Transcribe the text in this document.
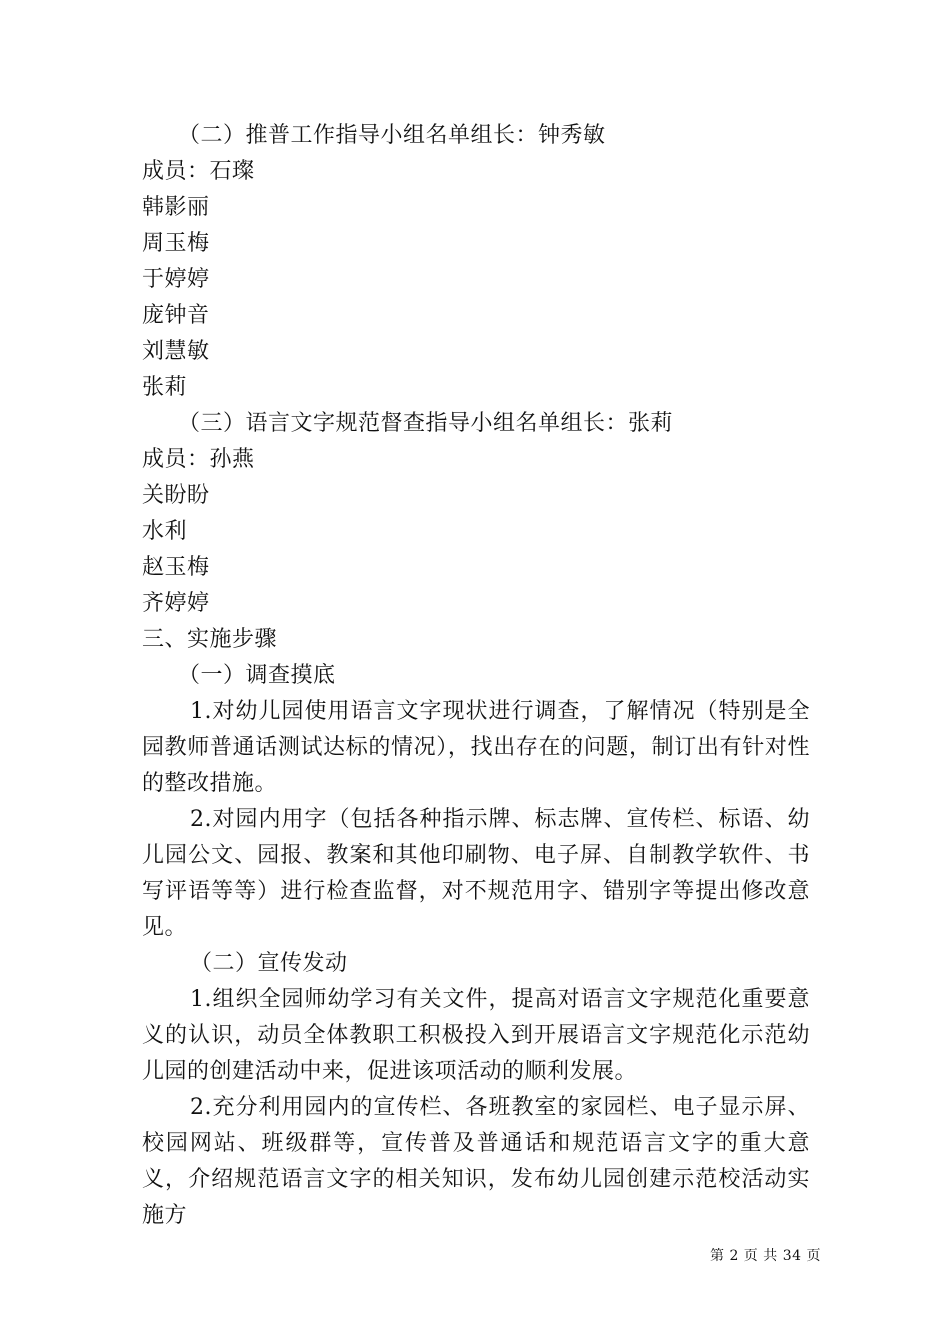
（二）推普工作指导小组名单组长：钟秀敏
成员：石璨
韩影丽
周玉梅
于婷婷
庞钟音
刘慧敏
张莉
（三）语言文字规范督查指导小组名单组长：张莉
成员：孙燕
关盼盼
水利
赵玉梅
齐婷婷
三、实施步骤
（一）调查摸底
1.对幼儿园使用语言文字现状进行调查，了解情况（特别是全园教师普通话测试达标的情况），找出存在的问题，制订出有针对性的整改措施。
2.对园内用字（包括各种指示牌、标志牌、宣传栏、标语、幼儿园公文、园报、教案和其他印刷物、电子屏、自制教学软件、书写评语等等）进行检查监督，对不规范用字、错别字等提出修改意见。
（二）宣传发动
1.组织全园师幼学习有关文件，提高对语言文字规范化重要意义的认识，动员全体教职工积极投入到开展语言文字规范化示范幼儿园的创建活动中来，促进该项活动的顺利发展。
2.充分利用园内的宣传栏、各班教室的家园栏、电子显示屏、校园网站、班级群等，宣传普及普通话和规范语言文字的重大意义，介绍规范语言文字的相关知识，发布幼儿园创建示范校活动实施方
第 2 页 共 34 页
